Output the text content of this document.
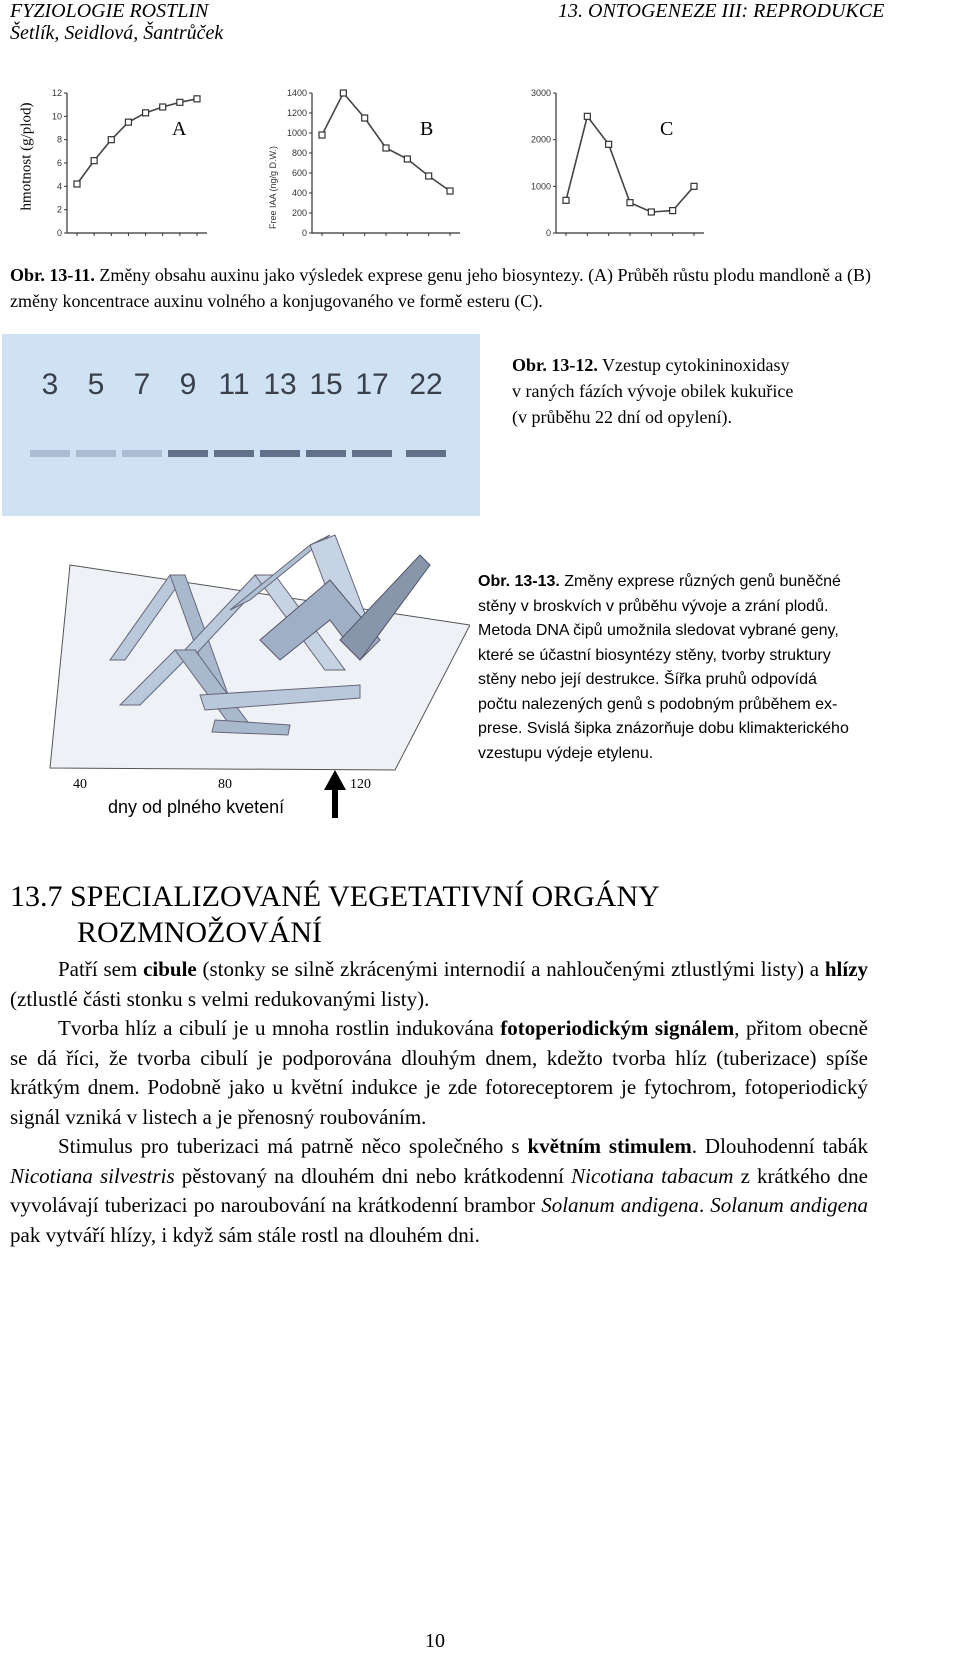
FYZIOLOGIE ROSTLIN
Šetlík, Seidlová, Šantrůček
13. ONTOGENEZE III: REPRODUKCE
hmotnost (g/plod)	A	B	C
0
2
4
6
8
10
12
0
200
400
600
800
1000
1200
1400
Free IAA (ng/g D.W.)
0
1000
2000
3000
Obr. 13-11. Změny obsahu auxinu jako výsledek exprese genu jeho biosyntezy. (A) Průběh růstu plodu mandloně a (B) změny koncentrace auxinu volného a konjugovaného ve formě esteru (C).
3 5 7 9 11 13 15 17 22
Obr. 13-12. Vzestup cytokininoxidasy
v raných fázích vývoje obilek kukuřice
(v průběhu 22 dní od opylení).
40	80	120
dny od plného kvetení
Obr. 13-13. Změny exprese různých genů buněčné
stěny v broskvích v průběhu vývoje a zrání plodů.
Metoda DNA čipů umožnila sledovat vybrané geny,
které se účastní biosyntézy stěny, tvorby struktury
stěny nebo její destrukce. Šířka pruhů odpovídá
počtu nalezených genů s podobným průběhem ex-
prese. Svislá šipka znázorňuje dobu klimakterického
vzestupu výdeje etylenu.
13.7 SPECIALIZOVANÉ VEGETATIVNÍ ORGÁNY
ROZMNOŽOVÁNÍ

Patří sem cibule (stonky se silně zkrácenými internodií a nahloučenými ztlustlými listy) a hlízy (ztlustlé části stonku s velmi redukovanými listy).

Tvorba hlíz a cibulí je u mnoha rostlin indukována fotoperiodickým signálem, přitom obecně se dá říci, že tvorba cibulí je podporována dlouhým dnem, kdežto tvorba hlíz (tuberizace) spíše krátkým dnem. Podobně jako u květní indukce je zde fotoreceptorem je fytochrom, fotoperiodický signál vzniká v listech a je přenosný roubováním.

Stimulus pro tuberizaci má patrně něco společného s květním stimulem. Dlouhodenní tabák Nicotiana silvestris pěstovaný na dlouhém dni nebo krátkodenní Nicotiana tabacum z krátkého dne vyvolávají tuberizaci po naroubování na krátkodenní brambor Solanum andigena. Solanum andigena pak vytváří hlízy, i když sám stále rostl na dlouhém dni.

10
